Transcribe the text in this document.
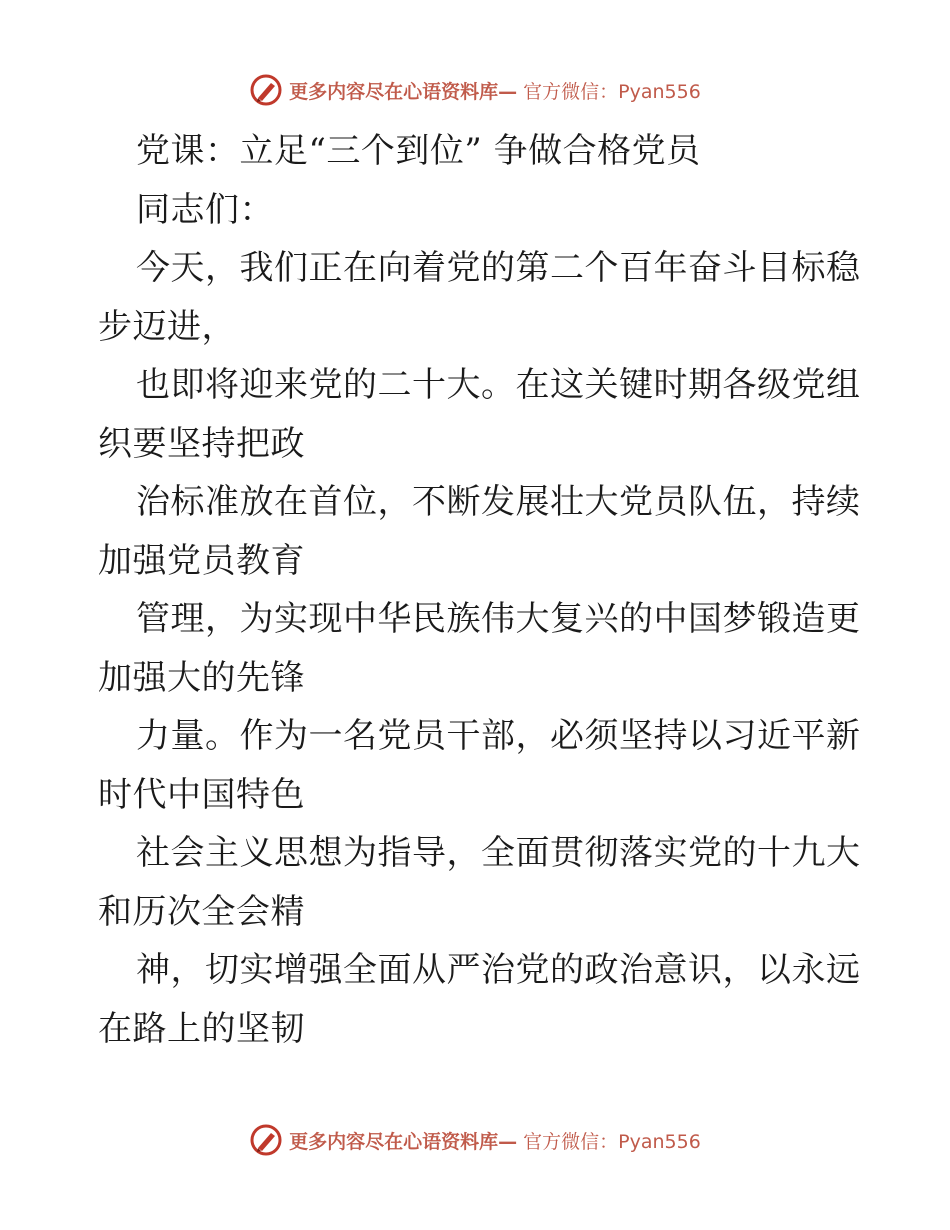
更多内容尽在心语资料库— 官方微信：Pyan556
党课：立足“三个到位” 争做合格党员
同志们：
今天，我们正在向着党的第二个百年奋斗目标稳
步迈进，
也即将迎来党的二十大。在这关键时期各级党组
织要坚持把政
治标准放在首位，不断发展壮大党员队伍，持续
加强党员教育
管理，为实现中华民族伟大复兴的中国梦锻造更
加强大的先锋
力量。作为一名党员干部，必须坚持以习近平新
时代中国特色
社会主义思想为指导，全面贯彻落实党的十九大
和历次全会精
神，切实增强全面从严治党的政治意识，以永远
在路上的坚韧
更多内容尽在心语资料库— 官方微信：Pyan556
